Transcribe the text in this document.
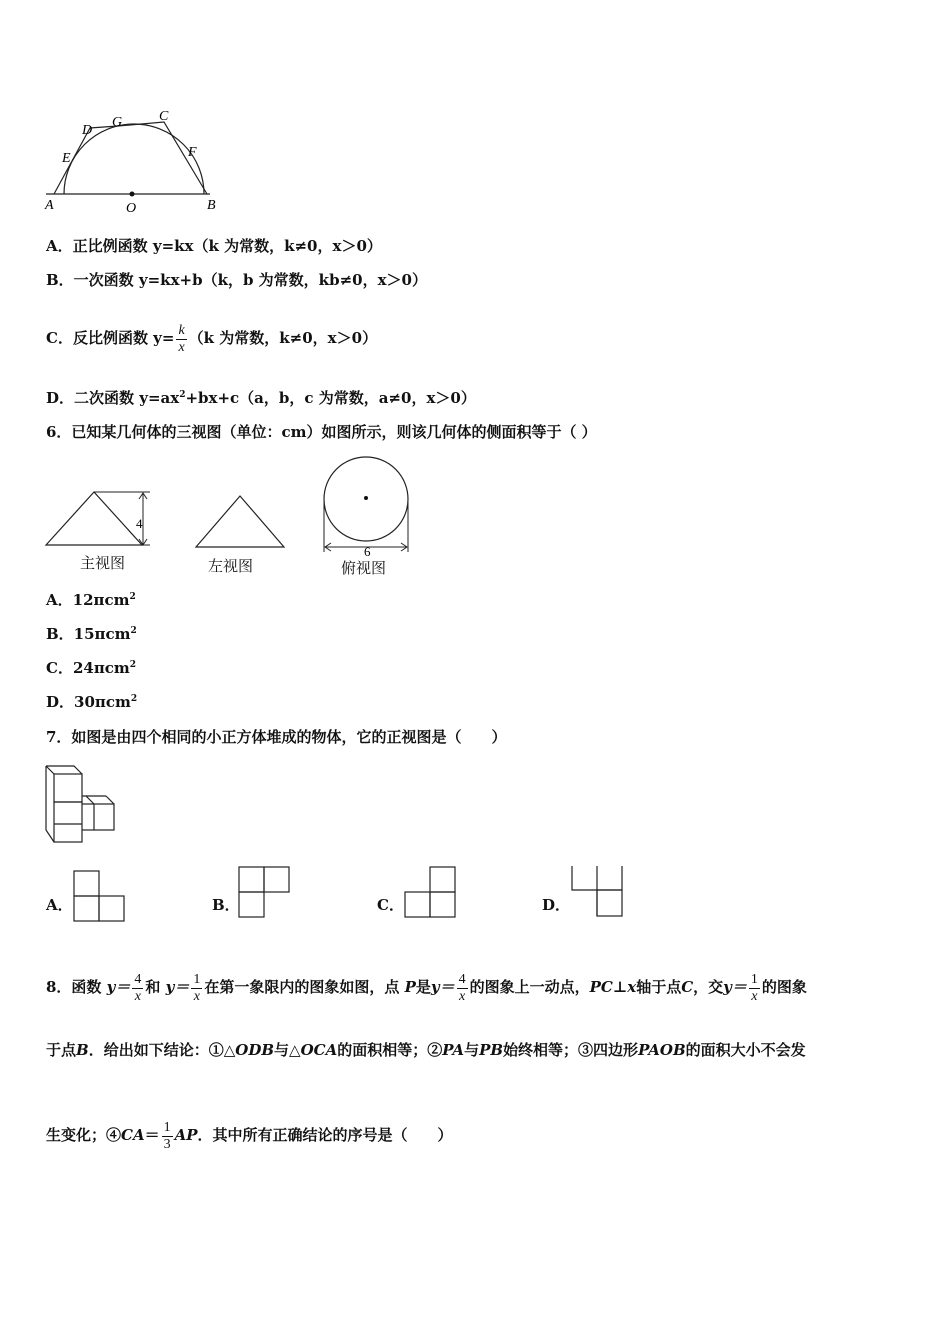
A	O	B
D
G	C
E	F
A．正比例函数 y=kx（k 为常数，k≠0，x＞0）
B．一次函数 y=kx+b（k，b 为常数，kb≠0，x＞0）
C．反比例函数 $y= \frac{k}{x} (k$ 为常数，k≠0，x＞0）
D．二次函数 $y=ax^2+bx+c(a$，b，c 为常数，a≠0，x＞0）
6．已知某几何体的三视图（单位：cm）如图所示，则该几何体的侧面积等于（ ）
4
6
主视图	左视图	俯视图
A．12πcm$^2$
B．15πcm$^2$
C．24πcm$^2$
D．30πcm$^2$
7．如图是由四个相同的小正方体堆成的物体，它的正视图是（　　）
A．	B．	C．	D．
8．函数 $y= \frac{4}{x}$ 和 $y= \frac{1}{x}$ 在第一象限内的图象如图，点 P是$y= \frac{4}{x}$ 的图象上一动点，PC⊥x轴于点C，交$y= \frac{1}{x}$ 的图象
于点B．给出如下结论：①△ODB与△OCA的面积相等；②PA与PB始终相等；③四边形PAOB的面积大小不会发
生变化；④CA＝ $\frac{1}{3}$ AP．其中所有正确结论的序号是（　　）
